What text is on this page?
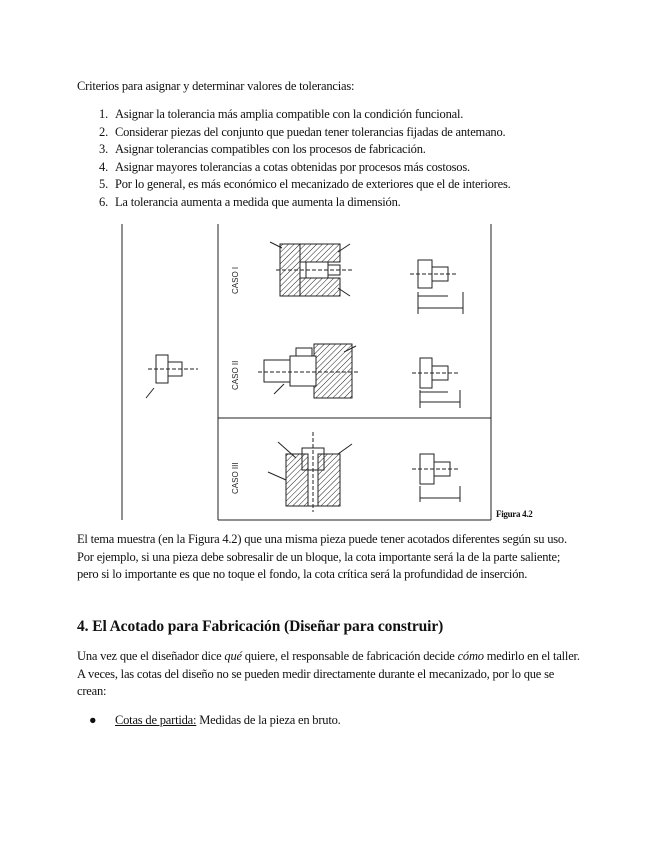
Criterios para asignar y determinar valores de tolerancias:
1. Asignar la tolerancia más amplia compatible con la condición funcional.
2. Considerar piezas del conjunto que puedan tener tolerancias fijadas de antemano.
3. Asignar tolerancias compatibles con los procesos de fabricación.
4. Asignar mayores tolerancias a cotas obtenidas por procesos más costosos.
5. Por lo general, es más económico el mecanizado de exteriores que el de interiores.
6. La tolerancia aumenta a medida que aumenta la dimensión.
CASO I
CASO II
CASO III
Figura 4.2

El tema muestra (en la Figura 4.2) que una misma pieza puede tener acotados diferentes según su uso. Por ejemplo, si una pieza debe sobresalir de un bloque, la cota importante será la de la parte saliente; pero si lo importante es que no toque el fondo, la cota crítica será la profundidad de inserción.

4. El Acotado para Fabricación (Diseñar para construir)

Una vez que el diseñador dice qué quiere, el responsable de fabricación decide cómo medirlo en el taller. A veces, las cotas del diseño no se pueden medir directamente durante el mecanizado, por lo que se crean:

● Cotas de partida: Medidas de la pieza en bruto.
